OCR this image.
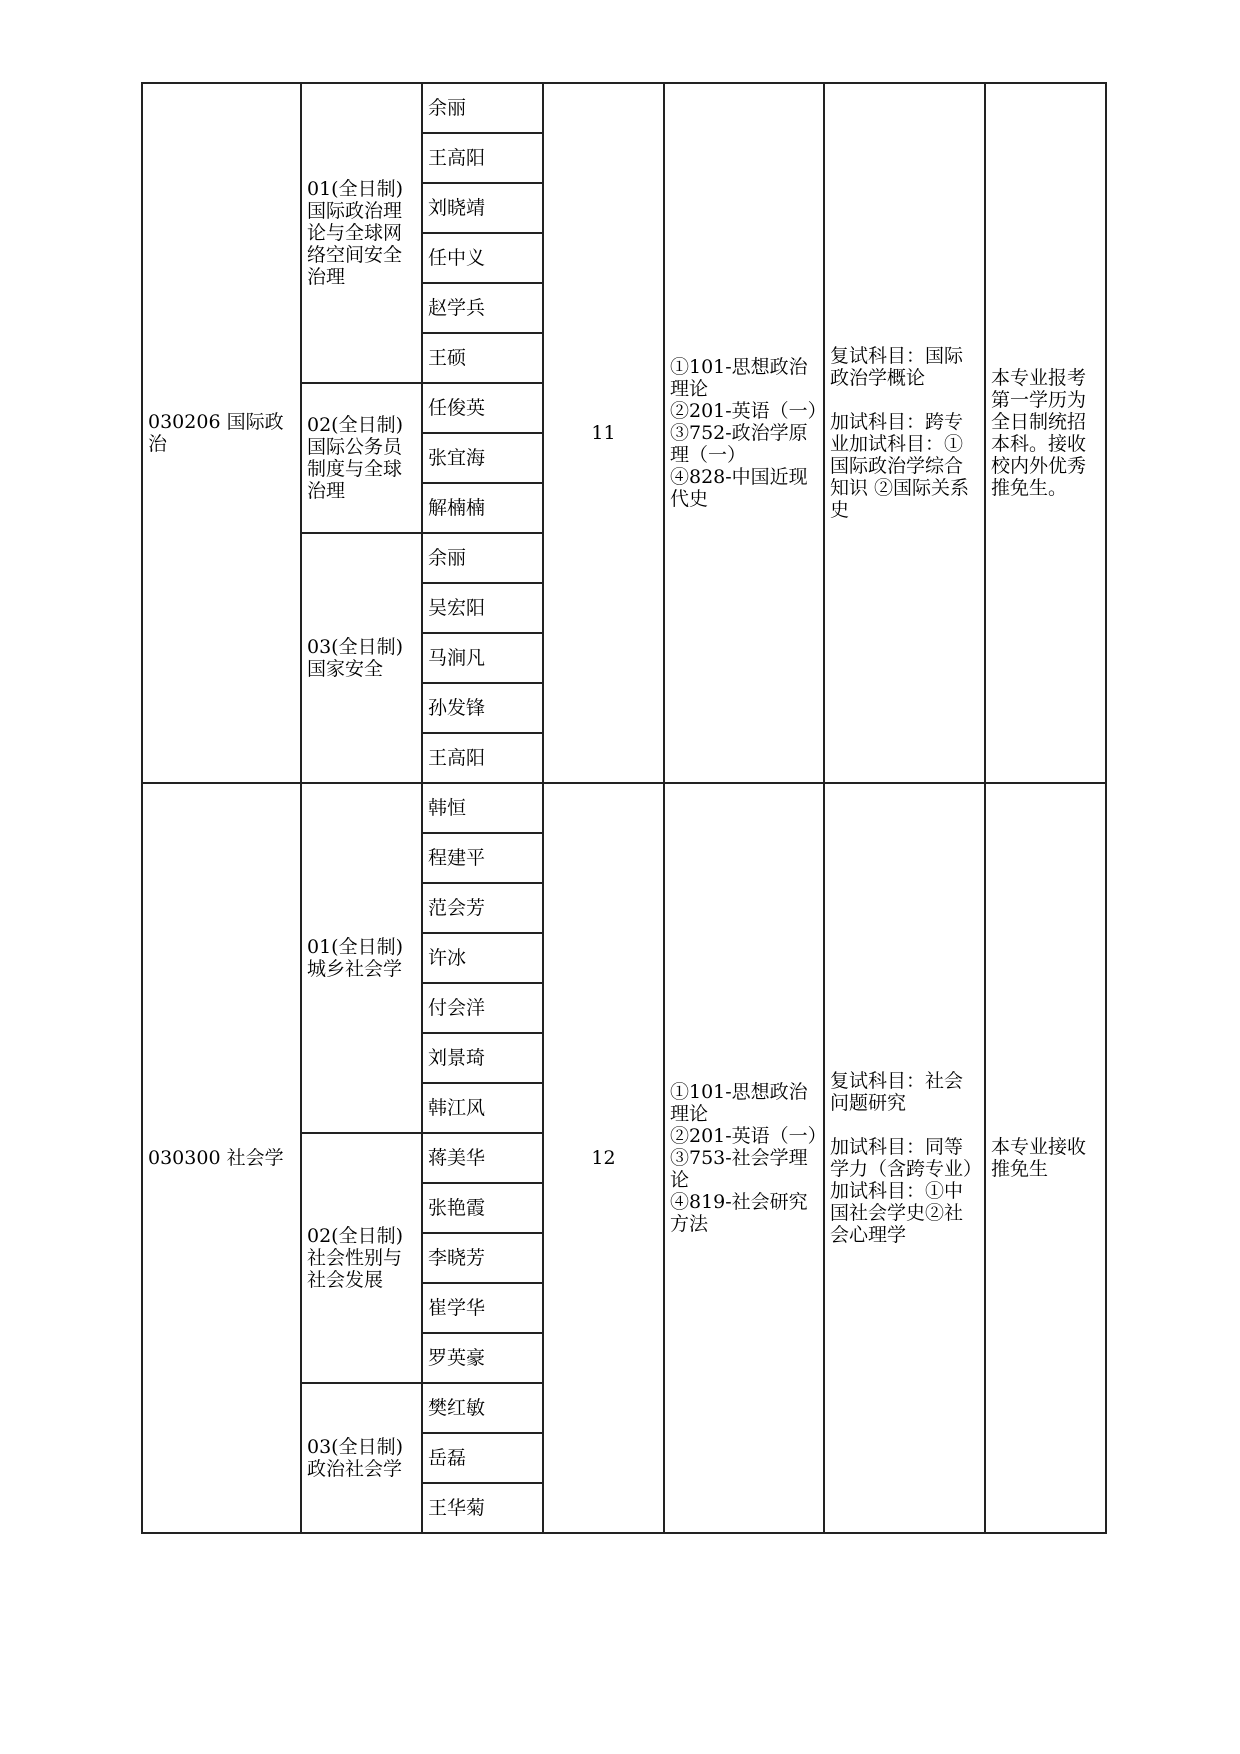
030206 国际政治	01(全日制)国际政治理论与全球网络空间安全治理	余丽	11	①101-思想政治理论
②201-英语（一）
③752-政治学原理（一）
④828-中国近现代史	复试科目：国际政治学概论
加试科目：跨专业加试科目：①国际政治学综合知识 ②国际关系史	本专业报考第一学历为全日制统招本科。接收校内外优秀推免生。
		王高阳				
		刘晓靖				
		任中义				
		赵学兵				
		王硕				
	02(全日制)国际公务员制度与全球治理	任俊英				
		张宜海				
		解楠楠				
	03(全日制)国家安全	余丽				
		吴宏阳				
		马涧凡				
		孙发锋				
		王高阳				
030300 社会学	01(全日制)城乡社会学	韩恒	12	①101-思想政治理论
②201-英语（一）
③753-社会学理论
④819-社会研究方法	复试科目：社会问题研究
加试科目：同等学力（含跨专业）加试科目：①中国社会学史②社会心理学	本专业接收推免生
		程建平				
		范会芳				
		许冰				
		付会洋				
		刘景琦				
		韩江风				
	02(全日制)社会性别与社会发展	蒋美华				
		张艳霞				
		李晓芳				
		崔学华				
		罗英豪				
	03(全日制)政治社会学	樊红敏				
		岳磊				
		王华菊				
